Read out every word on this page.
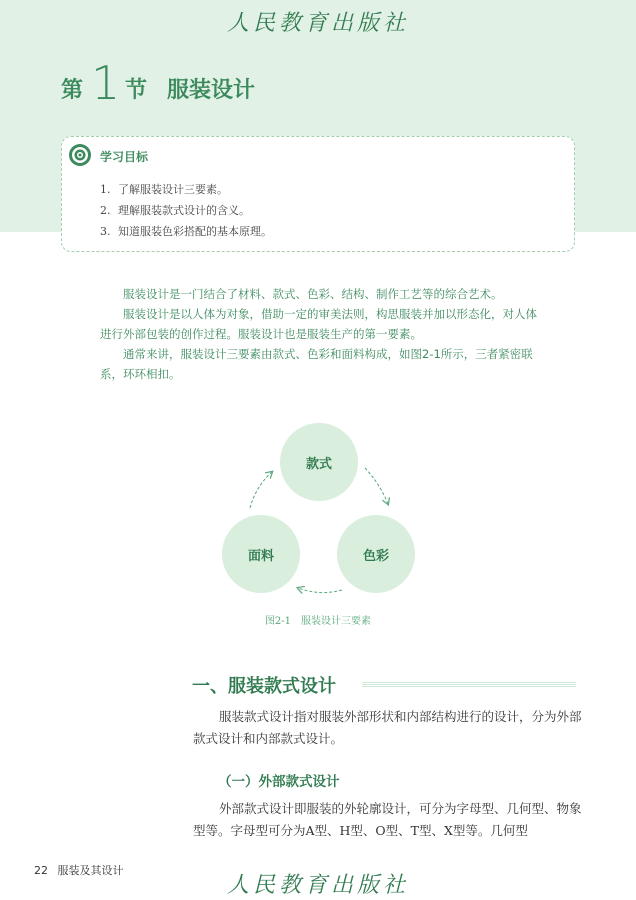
人民教育出版社
第 1 节 服装设计
学习目标
1. 了解服装设计三要素。
2. 理解服装款式设计的含义。
3. 知道服装色彩搭配的基本原理。

服装设计是一门结合了材料、款式、色彩、结构、制作工艺等的综合艺术。

服装设计是以人体为对象，借助一定的审美法则，构思服装并加以形态化，对人体进行外部包装的创作过程。服装设计也是服装生产的第一要素。

通常来讲，服装设计三要素由款式、色彩和面料构成，如图2-1所示，三者紧密联系，环环相扣。

款式
色彩
面料
图2-1　服装设计三要素
一、服装款式设计

服装款式设计指对服装外部形状和内部结构进行的设计，分为外部款式设计和内部款式设计。

（一）外部款式设计

外部款式设计即服装的外轮廓设计，可分为字母型、几何型、物象型等。字母型可分为A型、H型、O型、T型、X型等。几何型

22 服装及其设计
人民教育出版社
